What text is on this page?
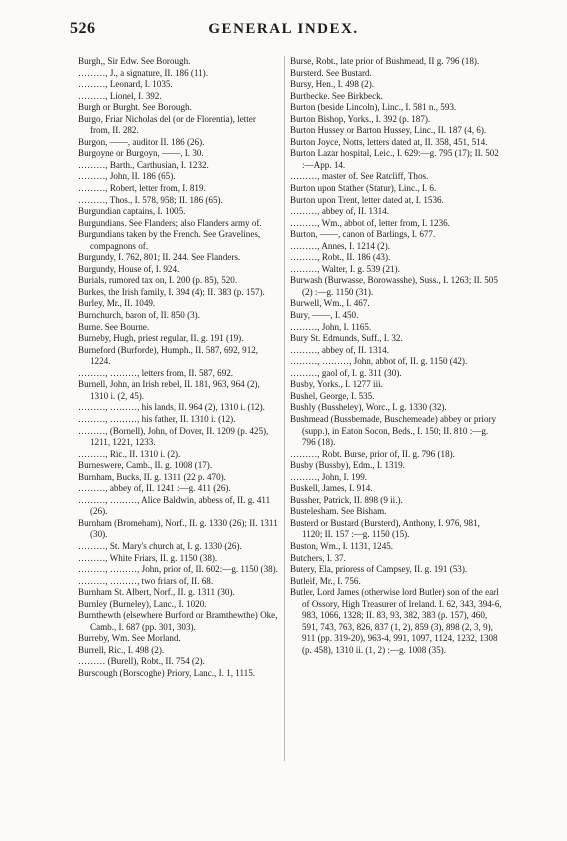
526	GENERAL INDEX.

Burgh,, Sir Edw. See Borough.

………, J., a signature, II. 186 (11).

………, Leonard, I. 1035.

………, Lionel, I. 392.

Burgh or Burght. See Borough.

Burgo, Friar Nicholas del (or de Florentia), letter from, II. 282.

Burgon, ——, auditor II. 186 (26).

Burgoyne or Burgoyn, ——, I. 30.

………, Barth., Carthusian, I. 1232.

………, John, II. 186 (65).

………, Robert, letter from, I. 819.

………, Thos., I. 578, 958; II. 186 (65).

Burgundian captains, I. 1005.

Burgundians. See Flanders; also Flanders army of.

Burgundians taken by the French. See Gravelines, compagnons of.

Burgundy, I. 762, 801; II. 244. See Flanders.

Burgundy, House of, I. 924.

Burials, rumored tax on, I. 200 (p. 85), 520.

Burkes, the Irish family, I. 394 (4); II. 383 (p. 157).

Burley, Mr., II. 1049.

Burnchurch, baron of, II. 850 (3).

Burne. See Bourne.

Burneby, Hugh, priest regular, II. g. 191 (19).

Burneford (Burforde), Humph., II. 587, 692, 912, 1224.

………, ………, letters from, II. 587, 692.

Burnell, John, an Irish rebel, II. 181, 963, 964 (2), 1310 i. (2, 45).

………, ………, his lands, II. 964 (2), 1310 i. (12).

………, ………, his father, II. 1310 i. (12).

………, (Bornell), John, of Dover, II. 1209 (p. 425), 1211, 1221, 1233.

………, Ric., II. 1310 i. (2).

Burneswere, Camb., II. g. 1008 (17).

Burnham, Bucks, II. g. 1311 (22 p. 470).

………, abbey of, II. 1241 :—g. 411 (26).

………, ………, Alice Baldwin, abbess of, II. g. 411 (26).

Burnham (Bromeham), Norf., II. g. 1330 (26); II. 1311 (30).

………, St. Mary's church at, I. g. 1330 (26).

………, White Friars, II. g. 1150 (38).

………, ………, John, prior of, II. 602:—g. 1150 (38).

………, ………, two friars of, II. 68.

Burnham St. Albert, Norf., II. g. 1311 (30).

Burnley (Burneley), Lanc., I. 1020.

Burnthewth (elsewhere Burford or Bramthewthe) Oke, Camb., I. 687 (pp. 301, 303).

Burreby, Wm. See Morland.

Burrell, Ric., I. 498 (2).

……… (Burell), Robt., II. 754 (2).

Burscough (Borscoghe) Priory, Lanc., I. 1, 1115.

Burse, Robt., late prior of Bushmead, II g. 796 (18).

Bursterd. See Bustard.

Bursy, Hen., I. 498 (2).

Burtbecke. See Birkbeck.

Burton (beside Lincoln), Linc., I. 581 n., 593.

Burton Bishop, Yorks., I. 392 (p. 187).

Burton Hussey or Barton Hussey, Linc., II. 187 (4, 6).

Burton Joyce, Notts, letters dated at, II. 358, 451, 514.

Burton Lazar hospital, Leic., I. 629:—g. 795 (17); II. 502 :—App. 14.

………, master of. See Ratcliff, Thos.

Burton upon Stather (Statur), Linc., I. 6.

Burton upon Trent, letter dated at, I. 1536.

………, abbey of, II. 1314.

………, Wm., abbot of, letter from, I. 1236.

Burton, ——, canon of Barlings, I. 677.

………, Annes, I. 1214 (2).

………, Robt., II. 186 (43).

………, Walter, I. g. 539 (21).

Burwash (Burwasse, Borowasshe), Suss., I. 1263; II. 505 (2) :—g. 1150 (31).

Burwell, Wm., I. 467.

Bury, ——, I. 450.

………, John, I. 1165.

Bury St. Edmunds, Suff., I. 32.

………, abbey of, II. 1314.

………, ………, John, abbot of, II. g. 1150 (42).

………, gaol of, I. g. 311 (30).

Busby, Yorks., I. 1277 iii.

Bushel, George, I. 535.

Bushly (Bussheley), Worc., I. g. 1330 (32).

Bushmead (Bussbemade, Buschemeade) abbey or priory (supp.), in Eaton Socon, Beds., I. 150; II. 810 :—g. 796 (18).

………, Robt. Burse, prior of, II. g. 796 (18).

Busby (Bussby), Edm., I. 1319.

………, John, I. 199.

Buskell, James, I. 914.

Bussher, Patrick, II. 898 (9 ii.).

Bustelesham. See Bisham.

Busterd or Bustard (Bursterd), Anthony, I. 976, 981, 1120; II. 157 :—g. 1150 (15).

Buston, Wm., I. 1131, 1245.

Butchers, I. 37.

Butery, Ela, prioress of Campsey, II. g. 191 (53).

Butleif, Mr., I. 756.

Butler, Lord James (otherwise lord Butler) son of the earl of Ossory, High Treasurer of Ireland. I. 62, 343, 394-6, 983, 1066, 1328; II. 83, 93, 382, 383 (p. 157), 460, 591, 743, 763, 826, 837 (1, 2), 859 (3), 898 (2, 3, 9), 911 (pp. 319-20), 963-4, 991, 1097, 1124, 1232, 1308 (p. 458), 1310 ii. (1, 2) :—g. 1008 (35).
